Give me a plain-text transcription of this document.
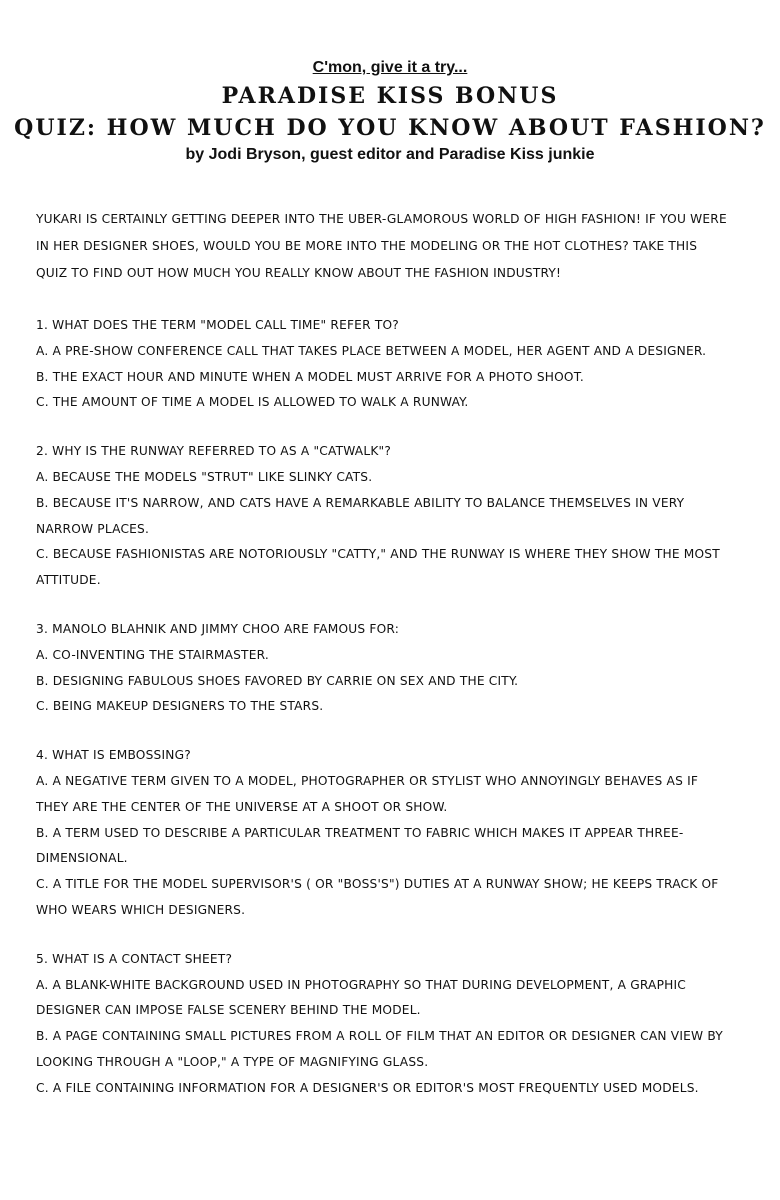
C'mon, give it a try...

PARADISE KISS BONUS

QUIZ: HOW MUCH DO YOU KNOW ABOUT FASHION?

by Jodi Bryson, guest editor and Paradise Kiss junkie

YUKARI IS CERTAINLY GETTING DEEPER INTO THE UBER-GLAMOROUS WORLD OF HIGH FASHION! IF YOU WERE IN HER DESIGNER SHOES, WOULD YOU BE MORE INTO THE MODELING OR THE HOT CLOTHES? TAKE THIS QUIZ TO FIND OUT HOW MUCH YOU REALLY KNOW ABOUT THE FASHION INDUSTRY!

1. WHAT DOES THE TERM "MODEL CALL TIME" REFER TO?

A. A PRE-SHOW CONFERENCE CALL THAT TAKES PLACE BETWEEN A MODEL, HER AGENT AND A DESIGNER.

B. THE EXACT HOUR AND MINUTE WHEN A MODEL MUST ARRIVE FOR A PHOTO SHOOT.

C. THE AMOUNT OF TIME A MODEL IS ALLOWED TO WALK A RUNWAY.

2. WHY IS THE RUNWAY REFERRED TO AS A "CATWALK"?

A. BECAUSE THE MODELS "STRUT" LIKE SLINKY CATS.

B. BECAUSE IT'S NARROW, AND CATS HAVE A REMARKABLE ABILITY TO BALANCE THEMSELVES IN VERY NARROW PLACES.

C. BECAUSE FASHIONISTAS ARE NOTORIOUSLY "CATTY," AND THE RUNWAY IS WHERE THEY SHOW THE MOST ATTITUDE.

3. MANOLO BLAHNIK AND JIMMY CHOO ARE FAMOUS FOR:

A. CO-INVENTING THE STAIRMASTER.

B. DESIGNING FABULOUS SHOES FAVORED BY CARRIE ON SEX AND THE CITY.

C. BEING MAKEUP DESIGNERS TO THE STARS.

4. WHAT IS EMBOSSING?

A. A NEGATIVE TERM GIVEN TO A MODEL, PHOTOGRAPHER OR STYLIST WHO ANNOYINGLY BEHAVES AS IF THEY ARE THE CENTER OF THE UNIVERSE AT A SHOOT OR SHOW.

B. A TERM USED TO DESCRIBE A PARTICULAR TREATMENT TO FABRIC WHICH MAKES IT APPEAR THREE-DIMENSIONAL.

C. A TITLE FOR THE MODEL SUPERVISOR'S ( OR "BOSS'S") DUTIES AT A RUNWAY SHOW; HE KEEPS TRACK OF WHO WEARS WHICH DESIGNERS.

5. WHAT IS A CONTACT SHEET?

A. A BLANK-WHITE BACKGROUND USED IN PHOTOGRAPHY SO THAT DURING DEVELOPMENT, A GRAPHIC DESIGNER CAN IMPOSE FALSE SCENERY BEHIND THE MODEL.

B. A PAGE CONTAINING SMALL PICTURES FROM A ROLL OF FILM THAT AN EDITOR OR DESIGNER CAN VIEW BY LOOKING THROUGH A "LOOP," A TYPE OF MAGNIFYING GLASS.

C. A FILE CONTAINING INFORMATION FOR A DESIGNER'S OR EDITOR'S MOST FREQUENTLY USED MODELS.
